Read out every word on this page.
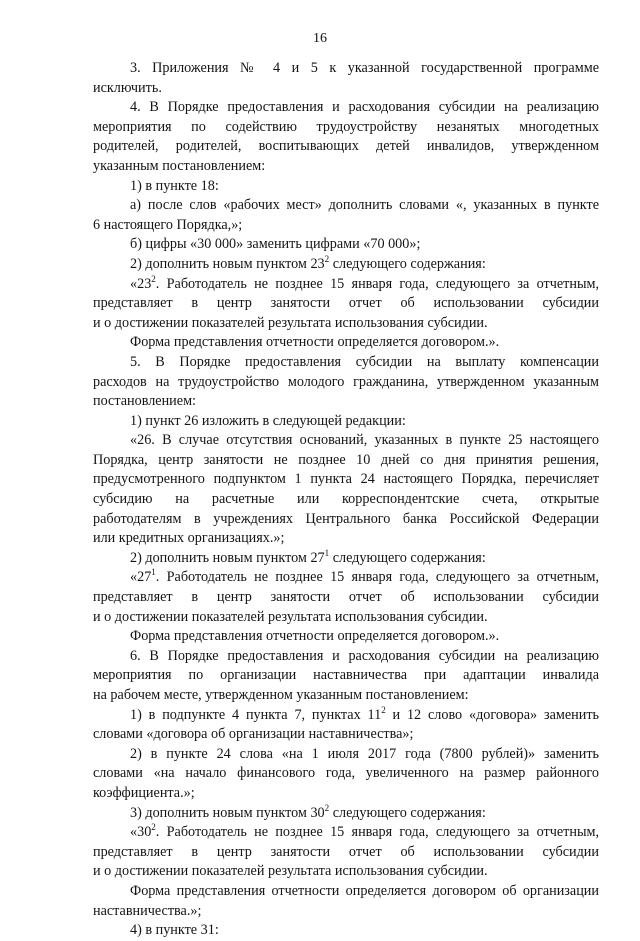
16
3. Приложения № 4 и 5 к указанной государственной программе
исключить.
4. В Порядке предоставления и расходования субсидии на реализацию
мероприятия по содействию трудоустройству незанятых многодетных
родителей, родителей, воспитывающих детей инвалидов, утвержденном
указанным постановлением:
1) в пункте 18:
а) после слов «рабочих мест» дополнить словами «, указанных в пункте
6 настоящего Порядка,»;
б) цифры «30 000» заменить цифрами «70 000»;
2) дополнить новым пунктом $23^2$ следующего содержания:
«$23^2$. Работодатель не позднее 15 января года, следующего за отчетным,
представляет в центр занятости отчет об использовании субсидии
и о достижении показателей результата использования субсидии.
Форма представления отчетности определяется договором.».
5. В Порядке предоставления субсидии на выплату компенсации
расходов на трудоустройство молодого гражданина, утвержденном указанным
постановлением:
1) пункт 26 изложить в следующей редакции:
«26. В случае отсутствия оснований, указанных в пункте 25 настоящего
Порядка, центр занятости не позднее 10 дней со дня принятия решения,
предусмотренного подпунктом 1 пункта 24 настоящего Порядка, перечисляет
субсидию на расчетные или корреспондентские счета, открытые
работодателям в учреждениях Центрального банка Российской Федерации
или кредитных организациях.»;
2) дополнить новым пунктом $27^1$ следующего содержания:
«$27^1$. Работодатель не позднее 15 января года, следующего за отчетным,
представляет в центр занятости отчет об использовании субсидии
и о достижении показателей результата использования субсидии.
Форма представления отчетности определяется договором.».
6. В Порядке предоставления и расходования субсидии на реализацию
мероприятия по организации наставничества при адаптации инвалида
на рабочем месте, утвержденном указанным постановлением:
1) в подпункте 4 пункта 7, пунктах $11^2$ и 12 слово «договора» заменить
словами «договора об организации наставничества»;
2) в пункте 24 слова «на 1 июля 2017 года (7800 рублей)» заменить
словами «на начало финансового года, увеличенного на размер районного
коэффициента.»;
3) дополнить новым пунктом $30^2$ следующего содержания:
«$30^2$. Работодатель не позднее 15 января года, следующего за отчетным,
представляет в центр занятости отчет об использовании субсидии
и о достижении показателей результата использования субсидии.
Форма представления отчетности определяется договором об организации
наставничества.»;
4) в пункте 31:
